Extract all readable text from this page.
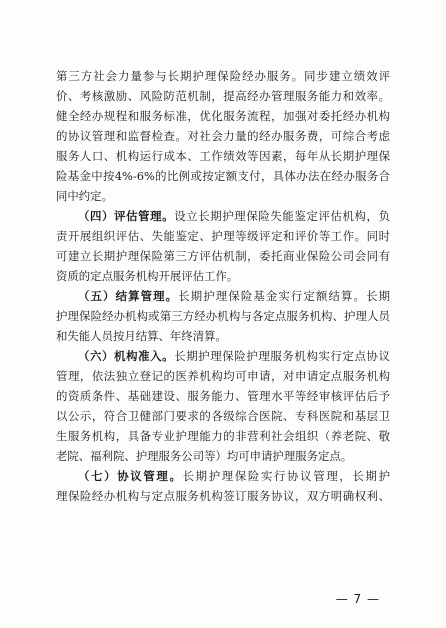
第三方社会力量参与长期护理保险经办服务。同步建立绩效评
价、考核激励、风险防范机制，提高经办管理服务能力和效率。
健全经办规程和服务标准，优化服务流程，加强对委托经办机构
的协议管理和监督检查。对社会力量的经办服务费，可综合考虑
服务人口、机构运行成本、工作绩效等因素，每年从长期护理保
险基金中按4%-6%的比例或按定额支付，具体办法在经办服务合
同中约定。
（四）评估管理。设立长期护理保险失能鉴定评估机构，负
责开展组织评估、失能鉴定、护理等级评定和评价等工作。同时
可建立长期护理保险第三方评估机制，委托商业保险公司会同有
资质的定点服务机构开展评估工作。
（五）结算管理。长期护理保险基金实行定额结算。长期
护理保险经办机构或第三方经办机构与各定点服务机构、护理人员
和失能人员按月结算、年终清算。
（六）机构准入。长期护理保险护理服务机构实行定点协议
管理，依法独立登记的医养机构均可申请，对申请定点服务机构
的资质条件、基础建设、服务能力、管理水平等经审核评估后予
以公示，符合卫健部门要求的各级综合医院、专科医院和基层卫
生服务机构，具备专业护理能力的非营利社会组织（养老院、敬
老院、福利院、护理服务公司等）均可申请护理服务定点。
（七）协议管理。长期护理保险实行协议管理，长期护
理保险经办机构与定点服务机构签订服务协议，双方明确权利、
— 7 —
